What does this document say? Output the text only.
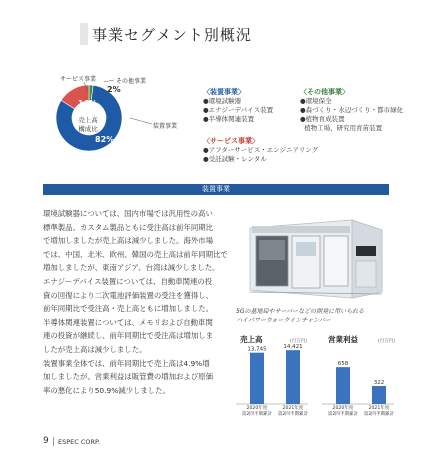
事業セグメント別概況
売上高
構成比
サービス事業	その他事業
装置事業
16%
2%
82%
〈装置事業〉
●環境試験器
●エナジーデバイス装置
●半導体関連装置
〈サービス事業〉
●アフターサービス・エンジニアリング
●受託試験・レンタル
〈その他事業〉
●環境保全
●森づくり・水辺づくり・都市緑化
●植物育成装置
植物工場、研究用育苗装置
装置事業

環境試験器については、国内市場では汎用性の高い

標準製品、カスタム製品ともに受注高は前年同期比

で増加しましたが売上高は減少しました。海外市場

では、中国、北米、欧州、韓国の売上高は前年同期比で

増加しましたが、東南アジア、台湾は減少しました。

エナジーデバイス装置については、自動車関連の投

資の回復により二次電池評価装置の受注を獲得し、

前年同期比で受注高・売上高ともに増加しました。

半導体関連装置については、メモリおよび自動車関

連の投資が継続し、前年同期比で受注高は増加しま

したが売上高は減少しました。

装置事業全体では、前年同期比で売上高は4.9%増

加しましたが、営業利益は販管費の増加および原価

率の悪化により50.9%減少しました。

5Gの基地局やサーバーなどの開発に用いられる
ハイパワーウォークインチャンバー
売上高	(百万円)	営業利益	(百万円)
13,745	14,421
658
322
2020年度
第2四半期累計
2021年度
第2四半期累計
2020年度
第2四半期累計
2021年度
第2四半期累計
9 ESPEC CORP.
